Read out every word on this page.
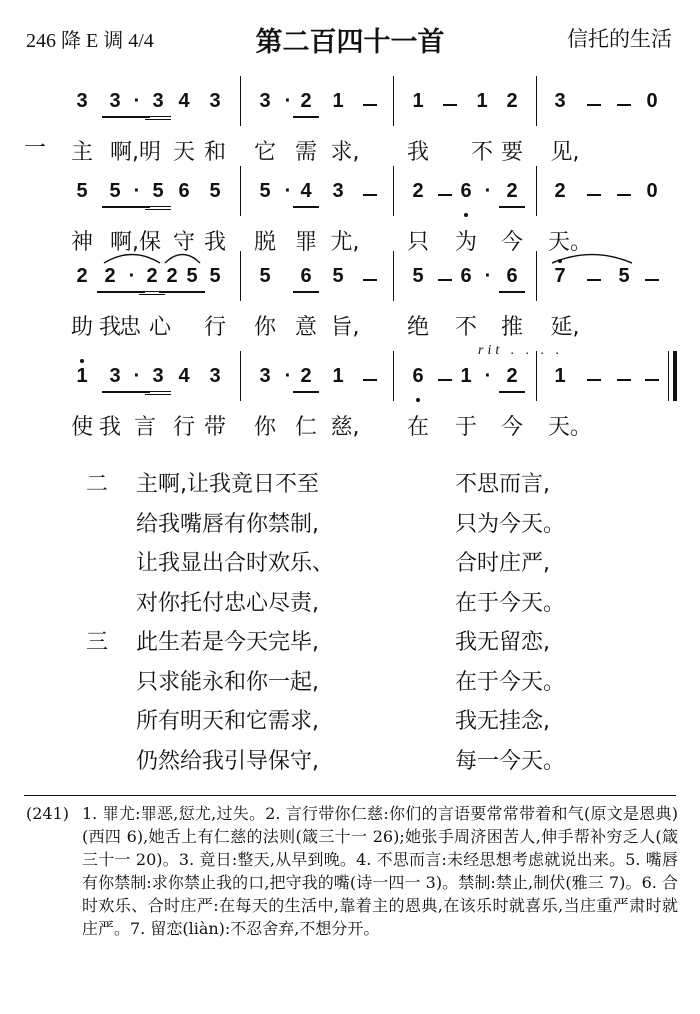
246 降 E 调 4/4	第二百四十一首	信托的生活
一
3	3 · 3 4 3	3 · 2	1	1	1 2	3	0
主 啊,明 天 和	它 需 求,	我	不 要	见,
5	5 · 5 6 5	5 · 4	3	2	6 · 2	2	0
神 啊,保 守 我	脱 罪 尤,	只	为	今	天。
2 2 · 2 2 5 5	5	6	5	5	6 · 6	7	5
助 我
忠 心	行	你 意 旨,	绝	不	推	延,
1	3 · 3 4 3	3 · 2	1	6	1 · 2	1
使 我 言 行 带	你 仁 慈,	在	于	今	天。
rit . . . .
二 主啊,让我竟日不至	不思而言,
给我嘴唇有你禁制,	只为今天。
让我显出合时欢乐、	合时庄严,
对你托付忠心尽责,	在于今天。
三 此生若是今天完毕,	我无留恋,
只求能永和你一起,	在于今天。
所有明天和它需求,	我无挂念,
仍然给我引导保守,	每一今天。
(241) 1. 罪尤:罪恶,愆尤,过失。2. 言行带你仁慈:你们的言语要常常带着和气(原文是恩典)(西四 6),她舌上有仁慈的法则(箴三十一 26);她张手周济困苦人,伸手帮补穷乏人(箴三十一 20)。3. 竟日:整天,从早到晚。4. 不思而言:未经思想考虑就说出来。5. 嘴唇有你禁制:求你禁止我的口,把守我的嘴(诗一四一 3)。禁制:禁止,制伏(雅三 7)。6. 合时欢乐、合时庄严:在每天的生活中,靠着主的恩典,在该乐时就喜乐,当庄重严肃时就庄严。7. 留恋(liàn):不忍舍弃,不想分开。
